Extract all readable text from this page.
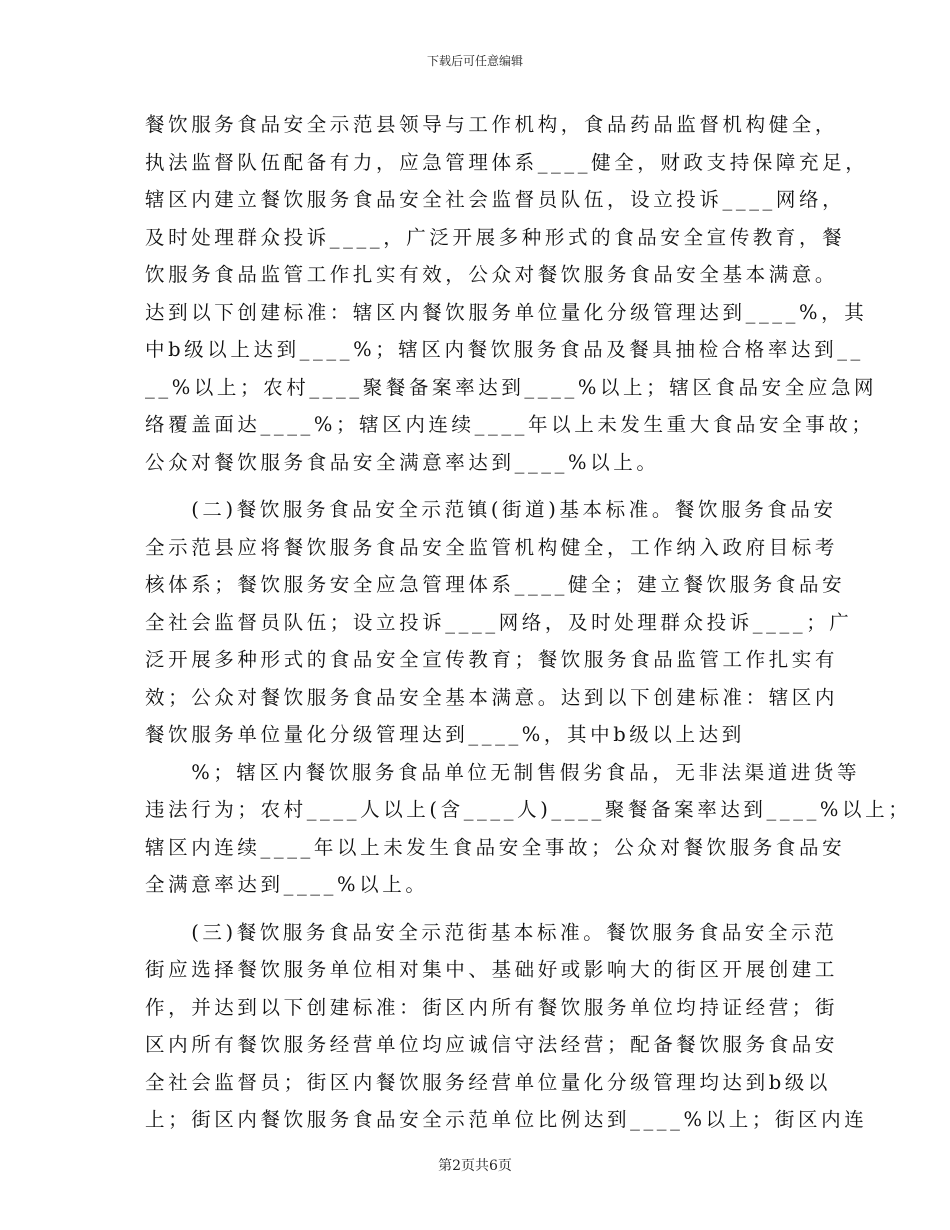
下载后可任意编辑
餐饮服务食品安全示范县领导与工作机构，食品药品监督机构健全，
执法监督队伍配备有力，应急管理体系____健全，财政支持保障充足，
辖区内建立餐饮服务食品安全社会监督员队伍，设立投诉____网络，
及时处理群众投诉____，广泛开展多种形式的食品安全宣传教育，餐
饮服务食品监管工作扎实有效，公众对餐饮服务食品安全基本满意。
达到以下创建标准：辖区内餐饮服务单位量化分级管理达到____%，其
中b级以上达到____%；辖区内餐饮服务食品及餐具抽检合格率达到__
__%以上；农村____聚餐备案率达到____%以上；辖区食品安全应急网
络覆盖面达____%；辖区内连续____年以上未发生重大食品安全事故；
公众对餐饮服务食品安全满意率达到____%以上。
　　(二)餐饮服务食品安全示范镇(街道)基本标准。餐饮服务食品安
全示范县应将餐饮服务食品安全监管机构健全，工作纳入政府目标考
核体系；餐饮服务安全应急管理体系____健全；建立餐饮服务食品安
全社会监督员队伍；设立投诉____网络，及时处理群众投诉____；广
泛开展多种形式的食品安全宣传教育；餐饮服务食品监管工作扎实有
效；公众对餐饮服务食品安全基本满意。达到以下创建标准：辖区内
餐饮服务单位量化分级管理达到____%，其中b级以上达到
　　%；辖区内餐饮服务食品单位无制售假劣食品，无非法渠道进货等
违法行为；农村____人以上(含____人)____聚餐备案率达到____%以上；
辖区内连续____年以上未发生食品安全事故；公众对餐饮服务食品安
全满意率达到____%以上。
　　(三)餐饮服务食品安全示范街基本标准。餐饮服务食品安全示范
街应选择餐饮服务单位相对集中、基础好或影响大的街区开展创建工
作，并达到以下创建标准：街区内所有餐饮服务单位均持证经营；街
区内所有餐饮服务经营单位均应诚信守法经营；配备餐饮服务食品安
全社会监督员；街区内餐饮服务经营单位量化分级管理均达到b级以
上；街区内餐饮服务食品安全示范单位比例达到____%以上；街区内连
第2页共6页
